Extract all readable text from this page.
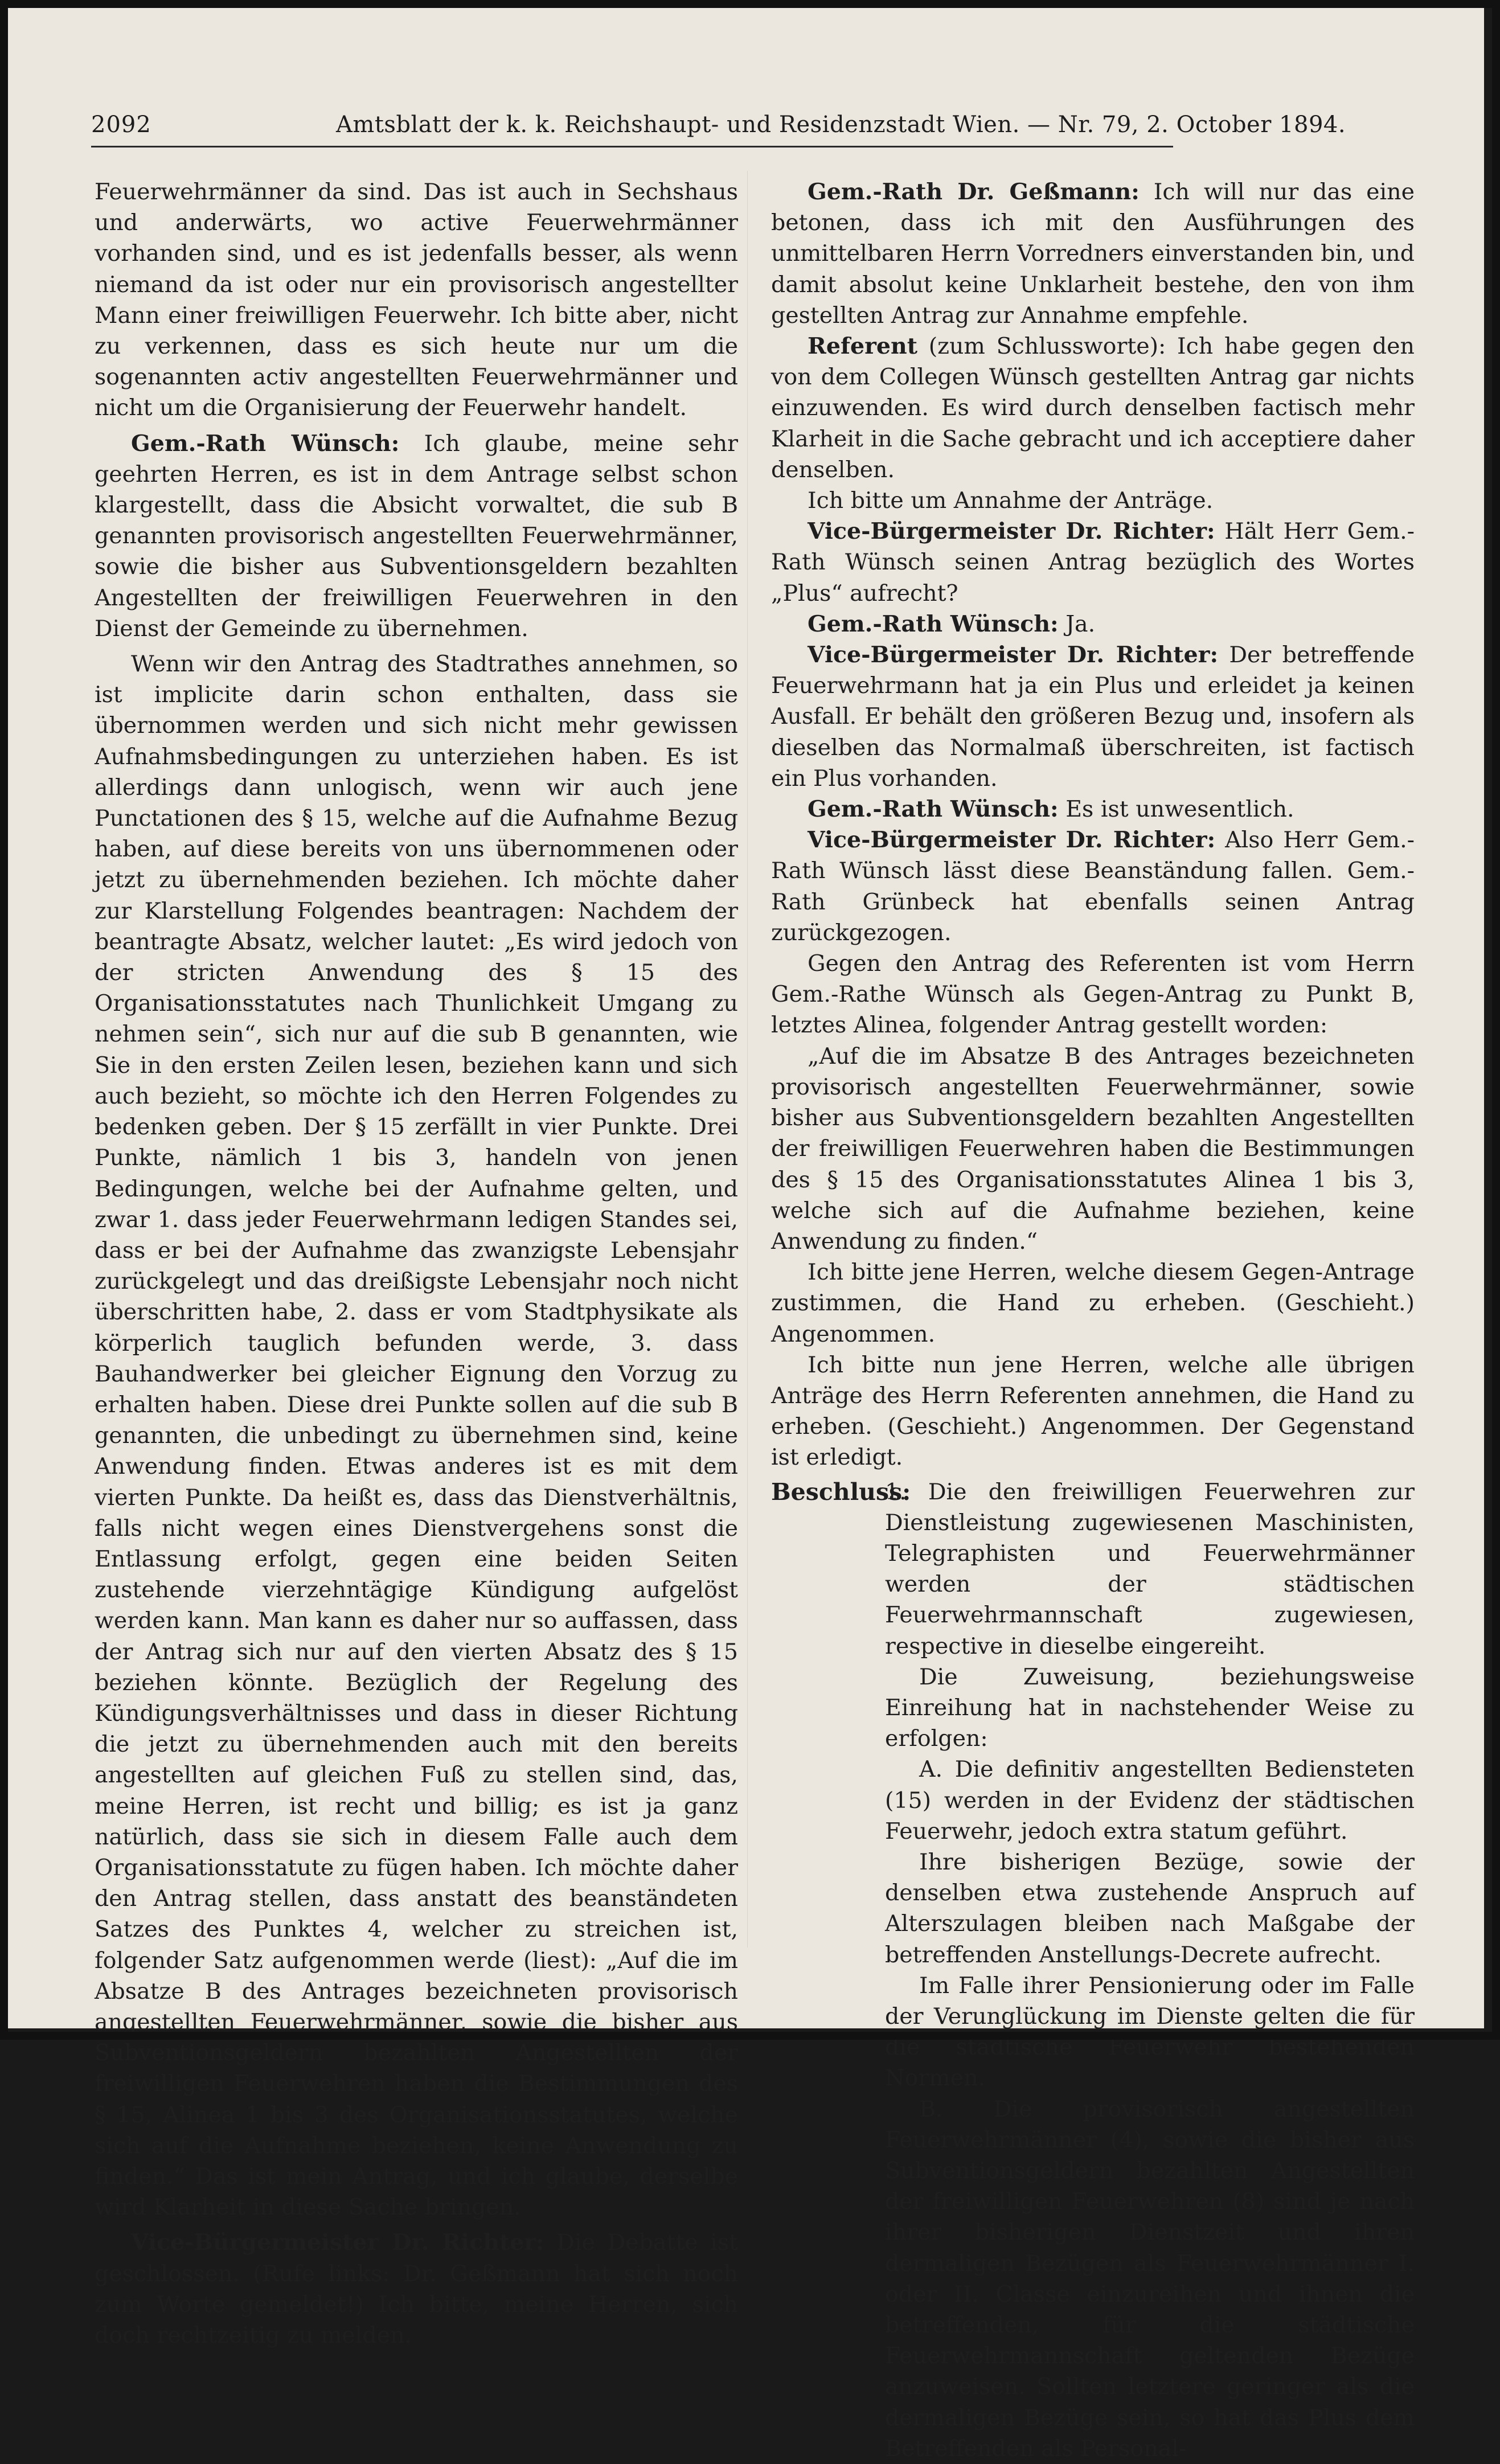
2092	Amtsblatt der k. k. Reichshaupt- und Residenzstadt Wien. — Nr. 79, 2. October 1894.

Feuerwehrmänner da sind. Das ist auch in Sechshaus und anderwärts, wo active Feuerwehrmänner vorhanden sind, und es ist jedenfalls besser, als wenn niemand da ist oder nur ein provisorisch angestellter Mann einer freiwilligen Feuerwehr. Ich bitte aber, nicht zu verkennen, dass es sich heute nur um die sogenannten activ angestellten Feuerwehrmänner und nicht um die Organisierung der Feuerwehr handelt.

Gem.-Rath Wünsch: Ich glaube, meine sehr geehrten Herren, es ist in dem Antrage selbst schon klargestellt, dass die Absicht vorwaltet, die sub B genannten provisorisch angestellten Feuerwehrmänner, sowie die bisher aus Subventionsgeldern bezahlten Angestellten der freiwilligen Feuerwehren in den Dienst der Gemeinde zu übernehmen.

Wenn wir den Antrag des Stadtrathes annehmen, so ist implicite darin schon enthalten, dass sie übernommen werden und sich nicht mehr gewissen Aufnahmsbedingungen zu unterziehen haben. Es ist allerdings dann unlogisch, wenn wir auch jene Punctationen des § 15, welche auf die Aufnahme Bezug haben, auf diese bereits von uns übernommenen oder jetzt zu übernehmenden beziehen. Ich möchte daher zur Klarstellung Folgendes beantragen: Nachdem der beantragte Absatz, welcher lautet: „Es wird jedoch von der stricten Anwendung des § 15 des Organisationsstatutes nach Thunlichkeit Umgang zu nehmen sein“, sich nur auf die sub B genannten, wie Sie in den ersten Zeilen lesen, beziehen kann und sich auch bezieht, so möchte ich den Herren Folgendes zu bedenken geben. Der § 15 zerfällt in vier Punkte. Drei Punkte, nämlich 1 bis 3, handeln von jenen Bedingungen, welche bei der Aufnahme gelten, und zwar 1. dass jeder Feuerwehrmann ledigen Standes sei, dass er bei der Aufnahme das zwanzigste Lebensjahr zurückgelegt und das dreißigste Lebensjahr noch nicht überschritten habe, 2. dass er vom Stadtphysikate als körperlich tauglich befunden werde, 3. dass Bauhandwerker bei gleicher Eignung den Vorzug zu erhalten haben. Diese drei Punkte sollen auf die sub B genannten, die unbedingt zu übernehmen sind, keine Anwendung finden. Etwas anderes ist es mit dem vierten Punkte. Da heißt es, dass das Dienstverhältnis, falls nicht wegen eines Dienstvergehens sonst die Entlassung erfolgt, gegen eine beiden Seiten zustehende vierzehntägige Kündigung aufgelöst werden kann. Man kann es daher nur so auffassen, dass der Antrag sich nur auf den vierten Absatz des § 15 beziehen könnte. Bezüglich der Regelung des Kündigungsverhältnisses und dass in dieser Richtung die jetzt zu übernehmenden auch mit den bereits angestellten auf gleichen Fuß zu stellen sind, das, meine Herren, ist recht und billig; es ist ja ganz natürlich, dass sie sich in diesem Falle auch dem Organisationsstatute zu fügen haben. Ich möchte daher den Antrag stellen, dass anstatt des beanständeten Satzes des Punktes 4, welcher zu streichen ist, folgender Satz aufgenommen werde (liest): „Auf die im Absatze B des Antrages bezeichneten provisorisch angestellten Feuerwehrmänner, sowie die bisher aus Subventionsgeldern bezahlten Angestellten der freiwilligen Feuerwehren haben die Bestimmungen des § 15, Alinea 1 bis 3 des Organisationsstatutes, welche sich auf die Aufnahme beziehen, keine Anwendung zu finden.“ Das ist mein Antrag, und ich glaube, derselbe wird Klarheit in diese Sache bringen.

Vice-Bürgermeister Dr. Richter: Die Debatte ist geschlossen. (Rufe links: Dr. Geßmann hat sich noch zum Worte gemeldet!) Ich bitte, meine Herren, sich doch rechtzeitig zu melden.

Gem.-Rath Dr. Geßmann: Ich will nur das eine betonen, dass ich mit den Ausführungen des unmittelbaren Herrn Vorredners einverstanden bin, und damit absolut keine Unklarheit bestehe, den von ihm gestellten Antrag zur Annahme empfehle.

Referent (zum Schlussworte): Ich habe gegen den von dem Collegen Wünsch gestellten Antrag gar nichts einzuwenden. Es wird durch denselben factisch mehr Klarheit in die Sache gebracht und ich acceptiere daher denselben.

Ich bitte um Annahme der Anträge.

Vice-Bürgermeister Dr. Richter: Hält Herr Gem.-Rath Wünsch seinen Antrag bezüglich des Wortes „Plus“ aufrecht?

Gem.-Rath Wünsch: Ja.

Vice-Bürgermeister Dr. Richter: Der betreffende Feuerwehrmann hat ja ein Plus und erleidet ja keinen Ausfall. Er behält den größeren Bezug und, insofern als dieselben das Normalmaß überschreiten, ist factisch ein Plus vorhanden.

Gem.-Rath Wünsch: Es ist unwesentlich.

Vice-Bürgermeister Dr. Richter: Also Herr Gem.-Rath Wünsch lässt diese Beanständung fallen. Gem.-Rath Grünbeck hat ebenfalls seinen Antrag zurückgezogen.

Gegen den Antrag des Referenten ist vom Herrn Gem.-Rathe Wünsch als Gegen-Antrag zu Punkt B, letztes Alinea, folgender Antrag gestellt worden:

„Auf die im Absatze B des Antrages bezeichneten provisorisch angestellten Feuerwehrmänner, sowie bisher aus Subventionsgeldern bezahlten Angestellten der freiwilligen Feuerwehren haben die Bestimmungen des § 15 des Organisationsstatutes Alinea 1 bis 3, welche sich auf die Aufnahme beziehen, keine Anwendung zu finden.“

Ich bitte jene Herren, welche diesem Gegen-Antrage zustimmen, die Hand zu erheben. (Geschieht.) Angenommen.

Ich bitte nun jene Herren, welche alle übrigen Anträge des Herrn Referenten annehmen, die Hand zu erheben. (Geschieht.) Angenommen. Der Gegenstand ist erledigt.

Beschluss:

1. Die den freiwilligen Feuerwehren zur Dienstleistung zugewiesenen Maschinisten, Telegraphisten und Feuerwehrmänner werden der städtischen Feuerwehrmannschaft zugewiesen, respective in dieselbe eingereiht.

Die Zuweisung, beziehungsweise Einreihung hat in nachstehender Weise zu erfolgen:

A. Die definitiv angestellten Bediensteten (15) werden in der Evidenz der städtischen Feuerwehr, jedoch extra statum geführt.

Ihre bisherigen Bezüge, sowie der denselben etwa zustehende Anspruch auf Alterszulagen bleiben nach Maßgabe der betreffenden Anstellungs-Decrete aufrecht.

Im Falle ihrer Pensionierung oder im Falle der Verunglückung im Dienste gelten die für die städtische Feuerwehr bestehenden Normen.

B. Die provisorisch angestellten Feuerwehrmänner (4), sowie die bisher aus Subventionsgeldern bezahlten Angestellten der freiwilligen Feuerwehren (8) sind je nach ihrer bisherigen Dienstzeit und ihren dermaligen Bezügen als Feuerwehrmänner I. oder II. Classe einzureihen und ihnen die betreffenden, für die städtische Feuerwehrmannschaft geltenden Bezüge anzuweisen. Sollten letztere geringer als die dermaligen Bezüge sein, so hat das Plus dem Betreffenden als Personal-
